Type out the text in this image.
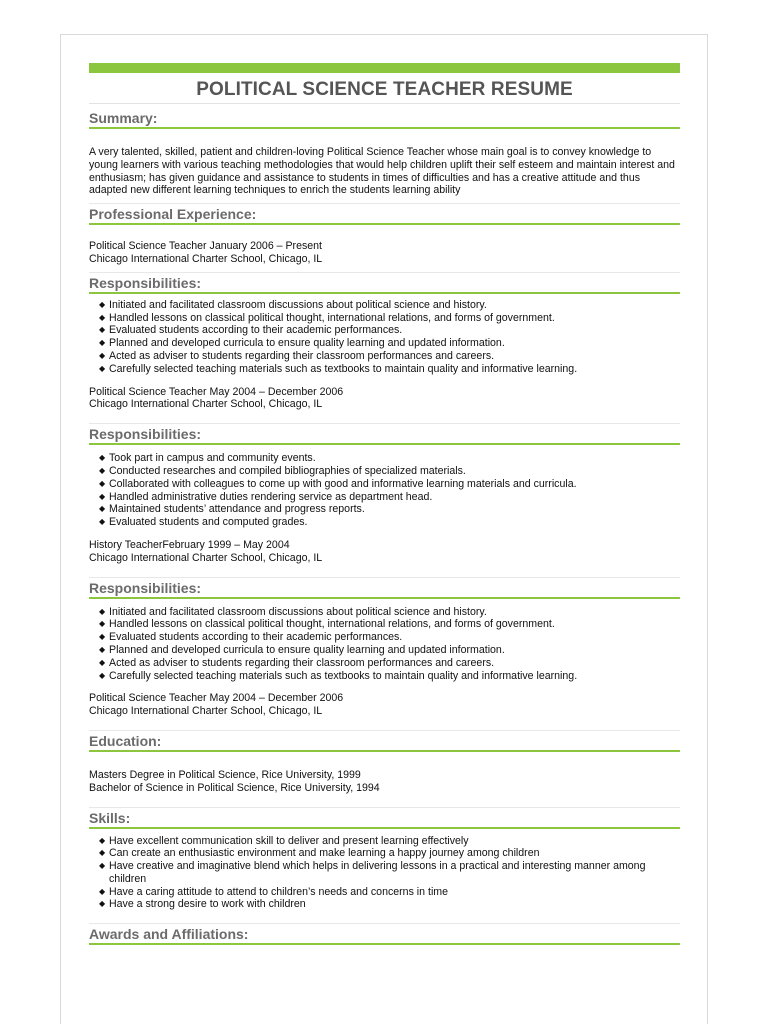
POLITICAL SCIENCE TEACHER RESUME
Summary:

A very talented, skilled, patient and children-loving Political Science Teacher whose main goal is to convey knowledge to young learners with various teaching methodologies that would help children uplift their self esteem and maintain interest and enthusiasm; has given guidance and assistance to students in times of difficulties and has a creative attitude and thus adapted new different learning techniques to enrich the students learning ability

Professional Experience:

Political Science Teacher January 2006 – Present

Chicago International Charter School, Chicago, IL

Responsibilities:
◆ Initiated and facilitated classroom discussions about political science and history.
◆ Handled lessons on classical political thought, international relations, and forms of government.
◆ Evaluated students according to their academic performances.
◆ Planned and developed curricula to ensure quality learning and updated information.
◆ Acted as adviser to students regarding their classroom performances and careers.
◆ Carefully selected teaching materials such as textbooks to maintain quality and informative learning.

Political Science Teacher May 2004 – December 2006

Chicago International Charter School, Chicago, IL

Responsibilities:
◆ Took part in campus and community events.
◆ Conducted researches and compiled bibliographies of specialized materials.
◆ Collaborated with colleagues to come up with good and informative learning materials and curricula.
◆ Handled administrative duties rendering service as department head.
◆ Maintained students’ attendance and progress reports.
◆ Evaluated students and computed grades.

History TeacherFebruary 1999 – May 2004

Chicago International Charter School, Chicago, IL

Responsibilities:
◆ Initiated and facilitated classroom discussions about political science and history.
◆ Handled lessons on classical political thought, international relations, and forms of government.
◆ Evaluated students according to their academic performances.
◆ Planned and developed curricula to ensure quality learning and updated information.
◆ Acted as adviser to students regarding their classroom performances and careers.
◆ Carefully selected teaching materials such as textbooks to maintain quality and informative learning.

Political Science Teacher May 2004 – December 2006

Chicago International Charter School, Chicago, IL

Education:

Masters Degree in Political Science, Rice University, 1999

Bachelor of Science in Political Science, Rice University, 1994

Skills:
◆ Have excellent communication skill to deliver and present learning effectively
◆ Can create an enthusiastic environment and make learning a happy journey among children
◆ Have creative and imaginative blend which helps in delivering lessons in a practical and interesting manner among children
◆ Have a caring attitude to attend to children’s needs and concerns in time
◆ Have a strong desire to work with children
Awards and Affiliations:
